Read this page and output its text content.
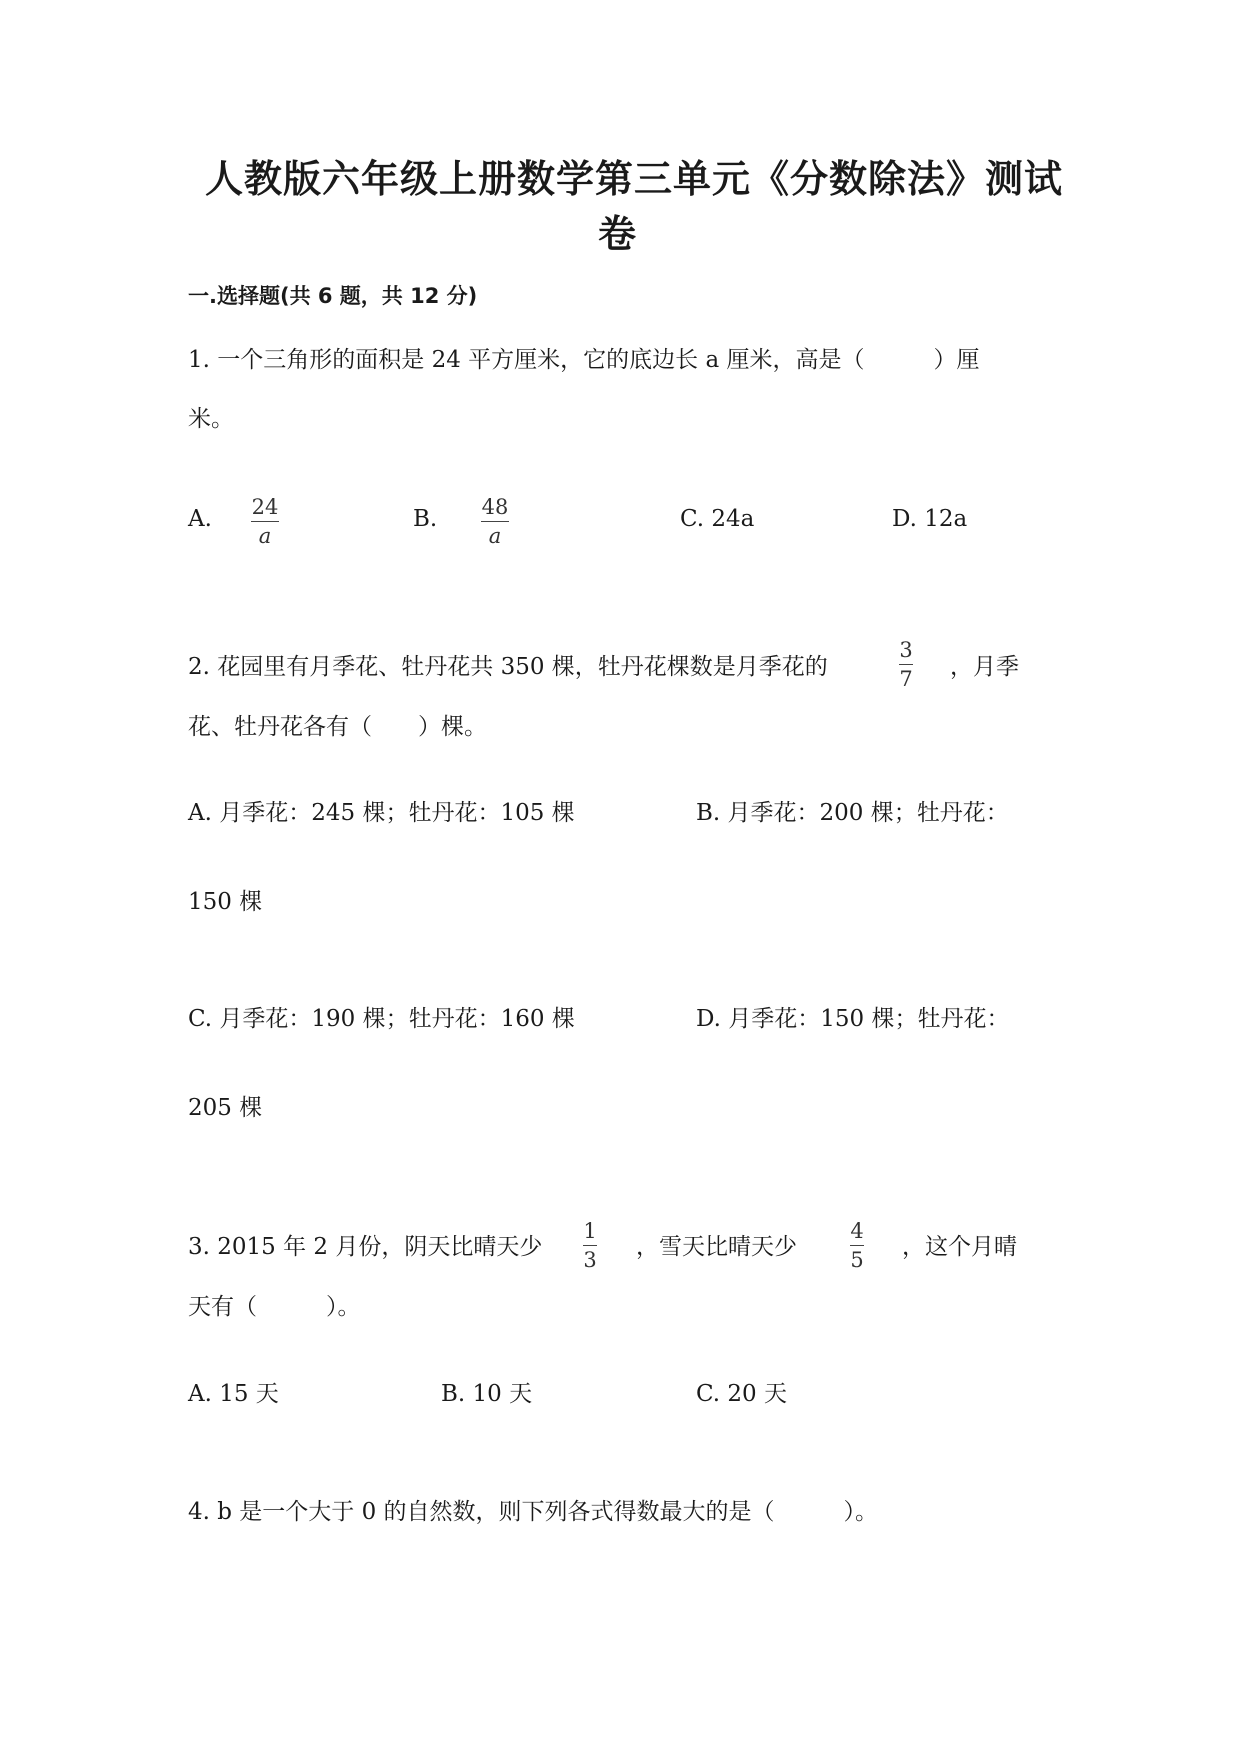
人教版六年级上册数学第三单元《分数除法》测试
卷
一.选择题(共 6 题，共 12 分)
1. 一个三角形的面积是 24 平方厘米，它的底边长 a 厘米，高是（　　　）厘
米。
A. 24
a
B. 48
a
C. 24a	D. 12a
2. 花园里有月季花、牡丹花共 350 棵，牡丹花棵数是月季花的
3
7 ，月季
花、牡丹花各有（　　）棵。
A. 月季花：245 棵；牡丹花：105 棵	B. 月季花：200 棵；牡丹花：
150 棵
C. 月季花：190 棵；牡丹花：160 棵	D. 月季花：150 棵；牡丹花：
205 棵
3. 2015 年 2 月份，阴天比晴天少
1
3 ，雪天比晴天少
4
5 ，这个月晴
天有（　　　）。
A. 15 天	B. 10 天	C. 20 天
4. b 是一个大于 0 的自然数，则下列各式得数最大的是（　　　）。
